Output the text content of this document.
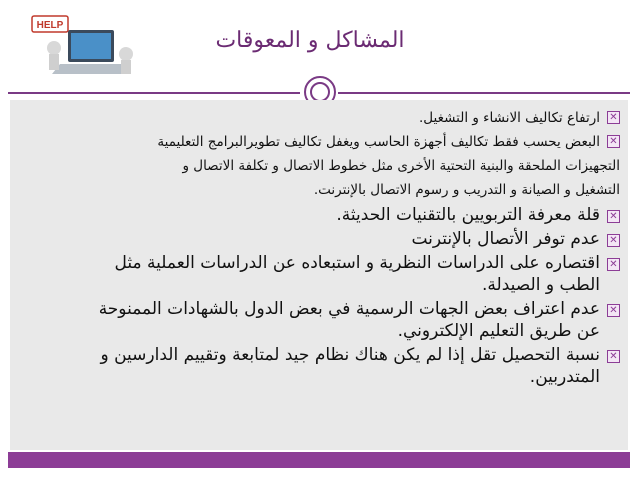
HELP
المشاكل و المعوقات
✕
ارتفاع تكاليف الانشاء و التشغيل.
✕
البعض يحسب فقط تكاليف أجهزة الحاسب ويغفل تكاليف تطويرالبرامج التعليمية
التجهيزات الملحقة والبنية التحتية الأخرى مثل خطوط الاتصال و تكلفة الاتصال و
التشغيل و الصيانة و التدريب و رسوم الاتصال بالإنترنت.
✕
قلة معرفة التربويين بالتقنيات الحديثة.
✕
عدم توفر الأتصال بالإنترنت
✕
اقتصاره على الدراسات النظرية و استبعاده عن الدراسات العملية مثل
الطب و الصيدلة.
✕
عدم اعتراف بعض الجهات الرسمية في بعض الدول بالشهادات الممنوحة
عن طريق التعليم الإلكتروني.
✕
نسبة التحصيل تقل إذا لم يكن هناك نظام جيد لمتابعة وتقييم الدارسين و
المتدربين.
